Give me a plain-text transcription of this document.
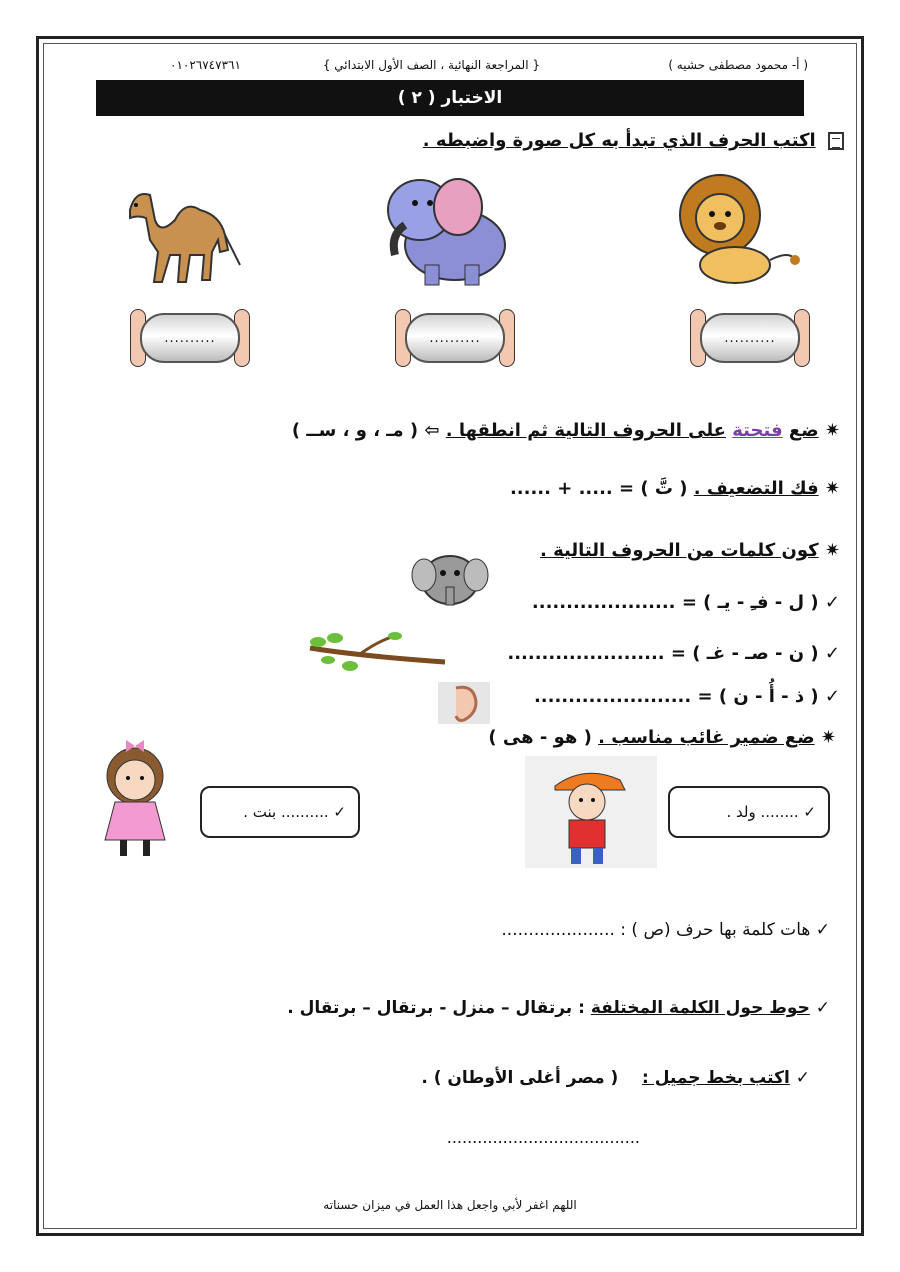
( أ- محمود مصطفى حشيه )
{ المراجعة النهائية ، الصف الأول الابتدائي }
٠١٠٢٦٧٤٧٣٦١
الاختبار ( ٢ )
اكتب الحرف الذي تبدأ به كل صورة واضبطه .
..........	..........	..........
✷ ضع فتحتة على الحروف التالية ثم انطقها . ⇦ ( مـ ، و ، ســ )
✷ فك التضعيف . ( تَّ ) = ..... + ......
✷ كون كلمات من الحروف التالية .
✓ ( ل - فـِ - يـ ) = .....................
✓ ( ن - صـ - غـ ) = .......................
✓ ( ذ - أُ - ن ) = .......................
✷ ضع ضمير غائب مناسب . ( هو - هى )
✓

.......... بنت .	✓

........ ولد .
✓ هات كلمة بها حرف (ص ) : .....................
✓ حوط حول الكلمة المختلفة : برتقال – منزل - برتقال – برتقال .
✓ اكتب بخط جميل :    ( مصر أغلى الأوطان ) .
......................................
اللهم اغفر لأبي واجعل هذا العمل في ميزان حسناته
